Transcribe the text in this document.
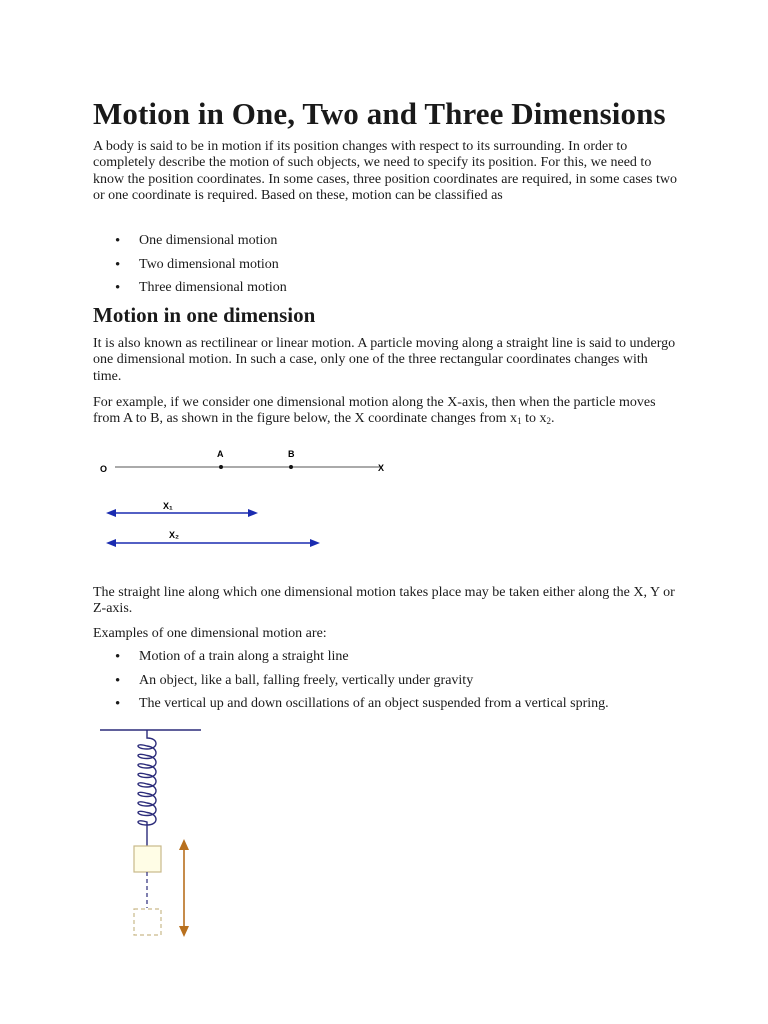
Motion in One, Two and Three Dimensions

A body is said to be in motion if its position changes with respect to its surrounding. In order to completely describe the motion of such objects, we need to specify its position. For this, we need to know the position coordinates. In some cases, three position coordinates are required, in some cases two or one coordinate is required. Based on these, motion can be classified as

• One dimensional motion
• Two dimensional motion
• Three dimensional motion
Motion in one dimension

It is also known as rectilinear or linear motion. A particle moving along a straight line is said to undergo one dimensional motion. In such a case, only one of the three rectangular coordinates changes with time.

For example, if we consider one dimensional motion along the X-axis, then when the particle moves from A to B, as shown in the figure below, the X coordinate changes from $x_1$ to $x_2$.

The straight line along which one dimensional motion takes place may be taken either along the X, Y or Z-axis.

Examples of one dimensional motion are:

• Motion of a train along a straight line
• An object, like a ball, falling freely, vertically under gravity
• The vertical up and down oscillations of an object suspended from a vertical spring.
O
A	B
X
X₁
X₂
